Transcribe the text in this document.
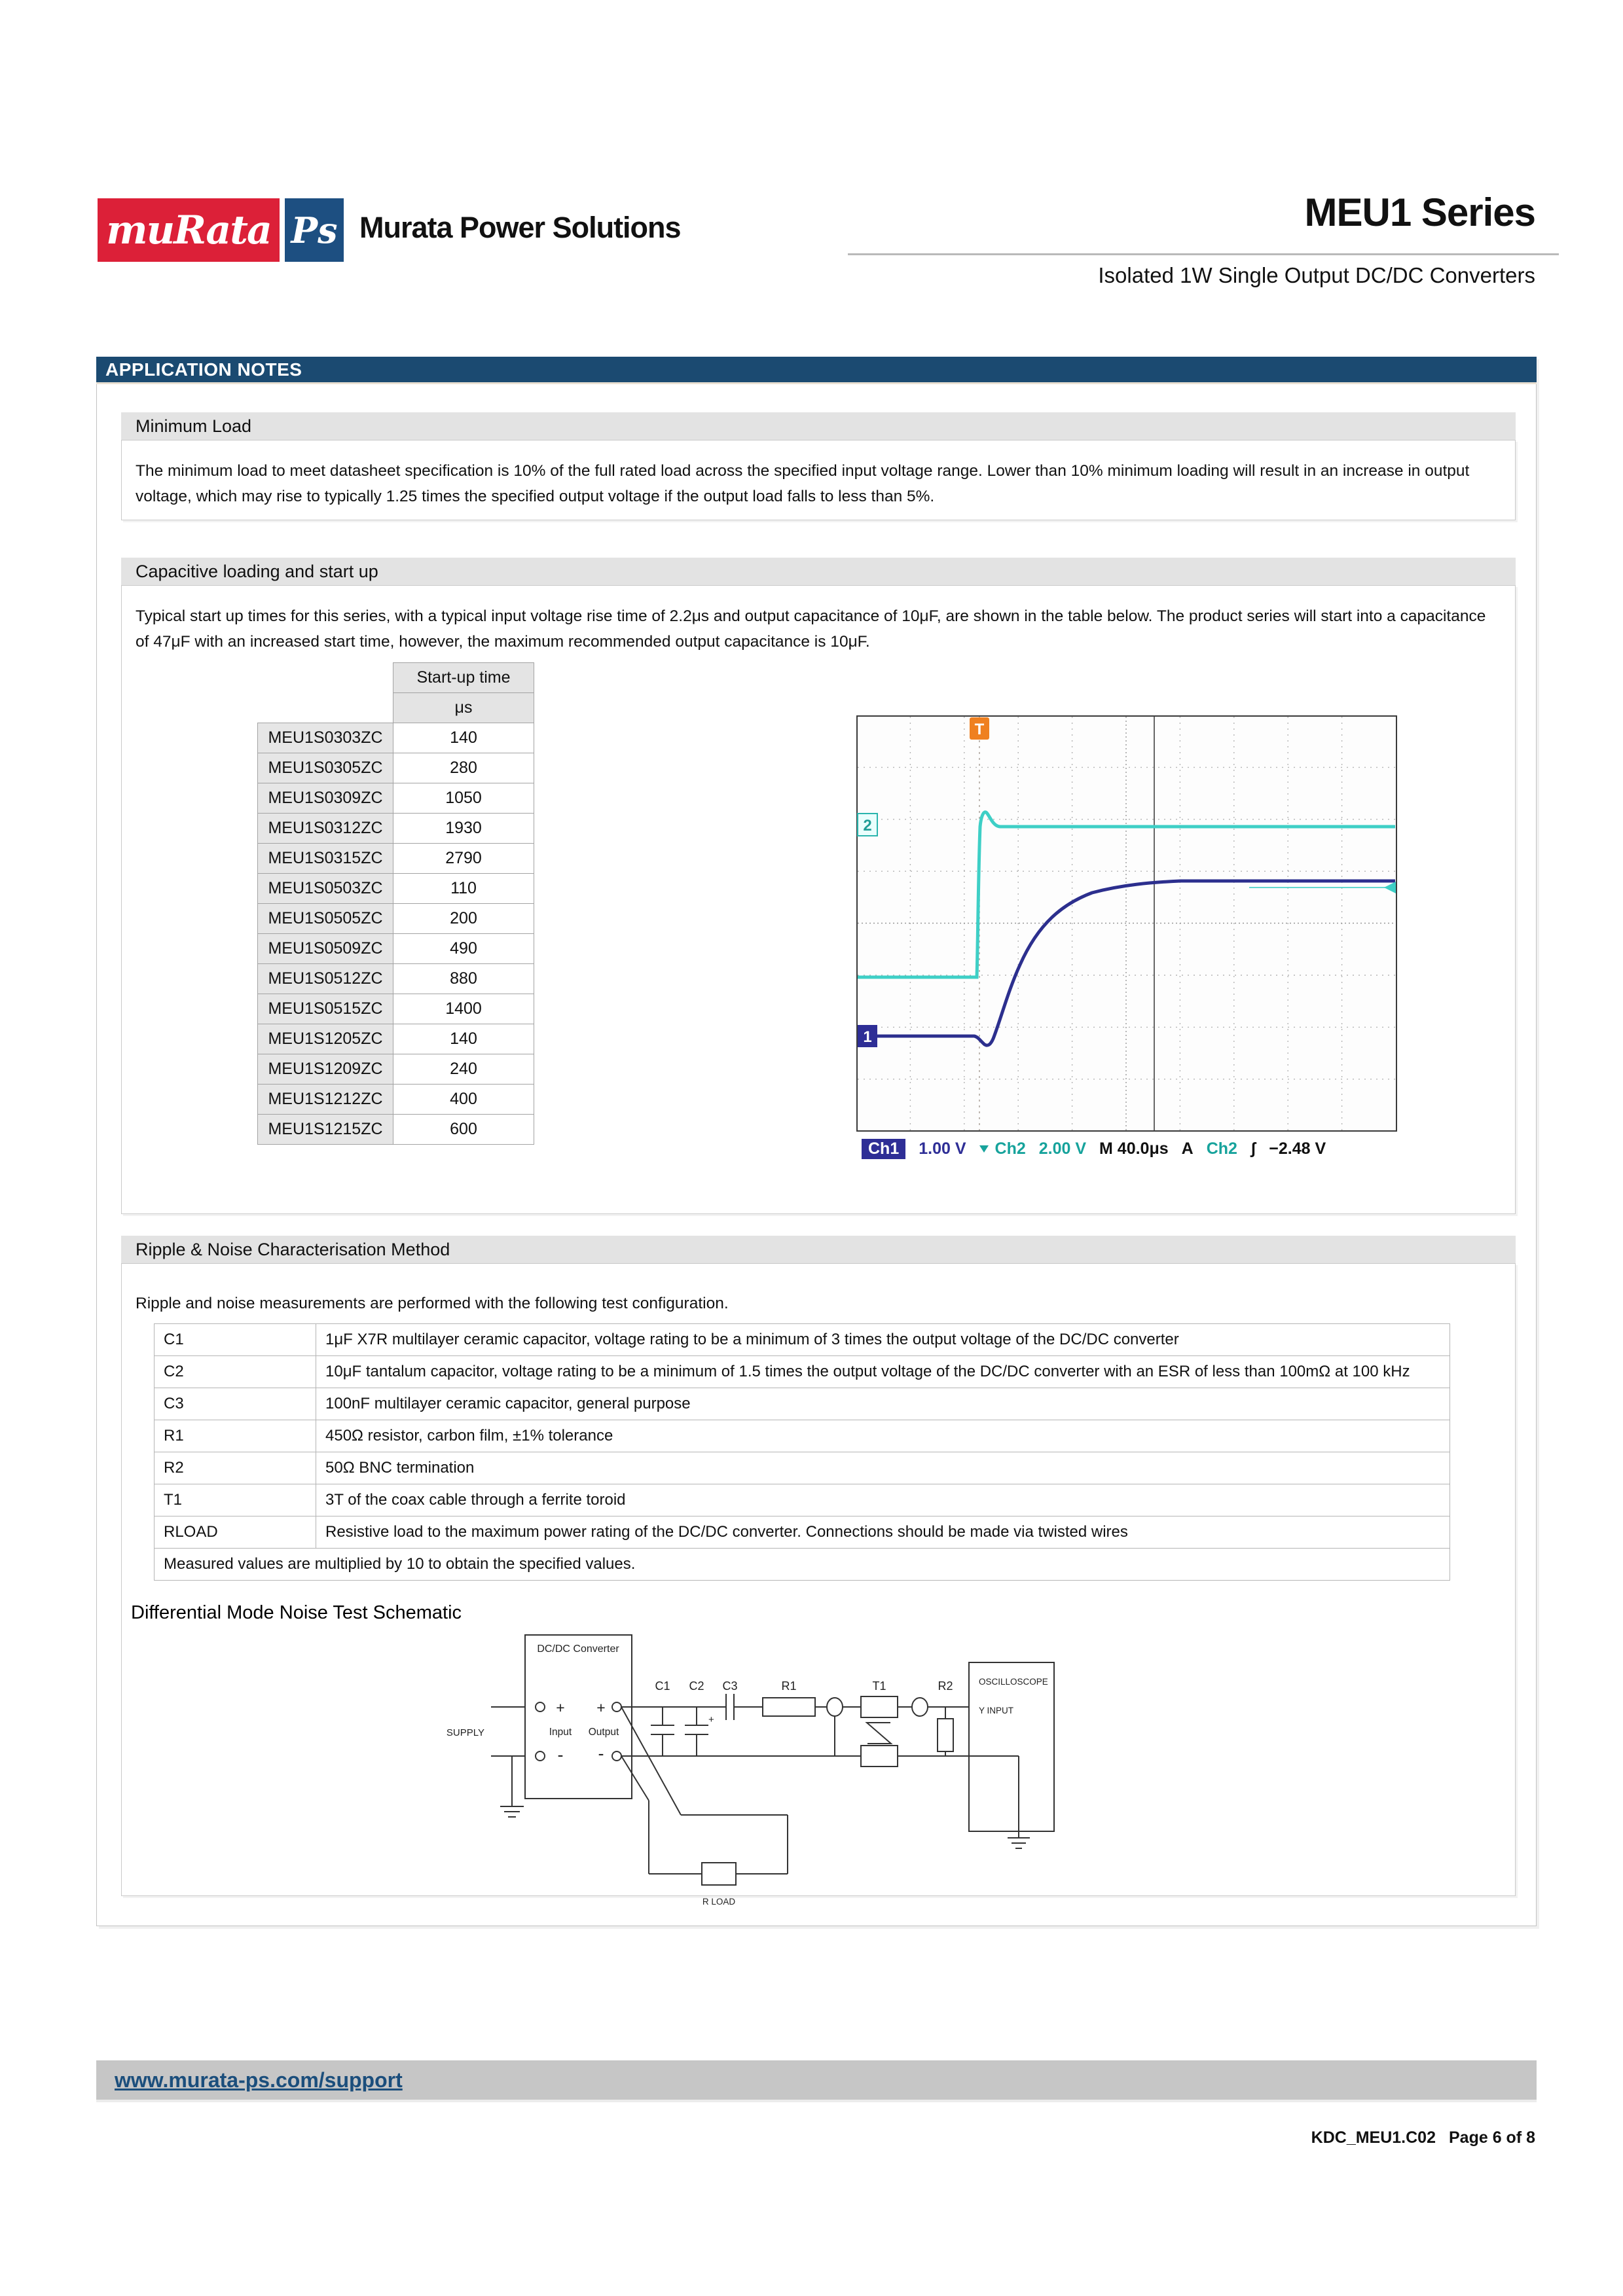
muRata Ps Murata Power Solutions	MEU1 Series
Isolated 1W Single Output DC/DC Converters
APPLICATION NOTES
Minimum Load
The minimum load to meet datasheet specification is 10% of the full rated load across the specified input voltage range. Lower than 10% minimum loading will result in an increase in output voltage, which may rise to typically 1.25 times the specified output voltage if the output load falls to less than 5%.
Capacitive loading and start up
Typical start up times for this series, with a typical input voltage rise time of 2.2μs and output capacitance of 10μF, are shown in the table below. The product series will start into a capacitance of 47μF with an increased start time, however, the maximum recommended output capacitance is 10μF.
	Start-up time
	μs
MEU1S0303ZC	140
MEU1S0305ZC	280
MEU1S0309ZC	1050
MEU1S0312ZC	1930
MEU1S0315ZC	2790
MEU1S0503ZC	110
MEU1S0505ZC	200
MEU1S0509ZC	490
MEU1S0512ZC	880
MEU1S0515ZC	1400
MEU1S1205ZC	140
MEU1S1209ZC	240
MEU1S1212ZC	400
MEU1S1215ZC	600
T
2
1
Ch1	1.00 V Ch2 2.00 V M 40.0μs A Ch2 ʃ −2.48 V
Ripple & Noise Characterisation Method
Ripple and noise measurements are performed with the following test configuration.
C1	1μF X7R multilayer ceramic capacitor, voltage rating to be a minimum of 3 times the output voltage of the DC/DC converter
C2	10μF tantalum capacitor, voltage rating to be a minimum of 1.5 times the output voltage of the DC/DC converter with an ESR of less than 100mΩ at 100 kHz
C3	100nF multilayer ceramic capacitor, general purpose
R1	450Ω resistor, carbon film, ±1% tolerance
R2	50Ω BNC termination
T1	3T of the coax cable through a ferrite toroid
RLOAD	Resistive load to the maximum power rating of the DC/DC converter. Connections should be made via twisted wires
Measured values are multiplied by 10 to obtain the specified values.	
Differential Mode Noise Test Schematic
SUPPLY
DC/DC Converter
+ +
- -
Input Output
+
C1 C2 C3	R1	T1	R2	OSCILLOSCOPE
Y INPUT
R LOAD
www.murata-ps.com/support
KDC_MEU1.C02 Page 6 of 8
